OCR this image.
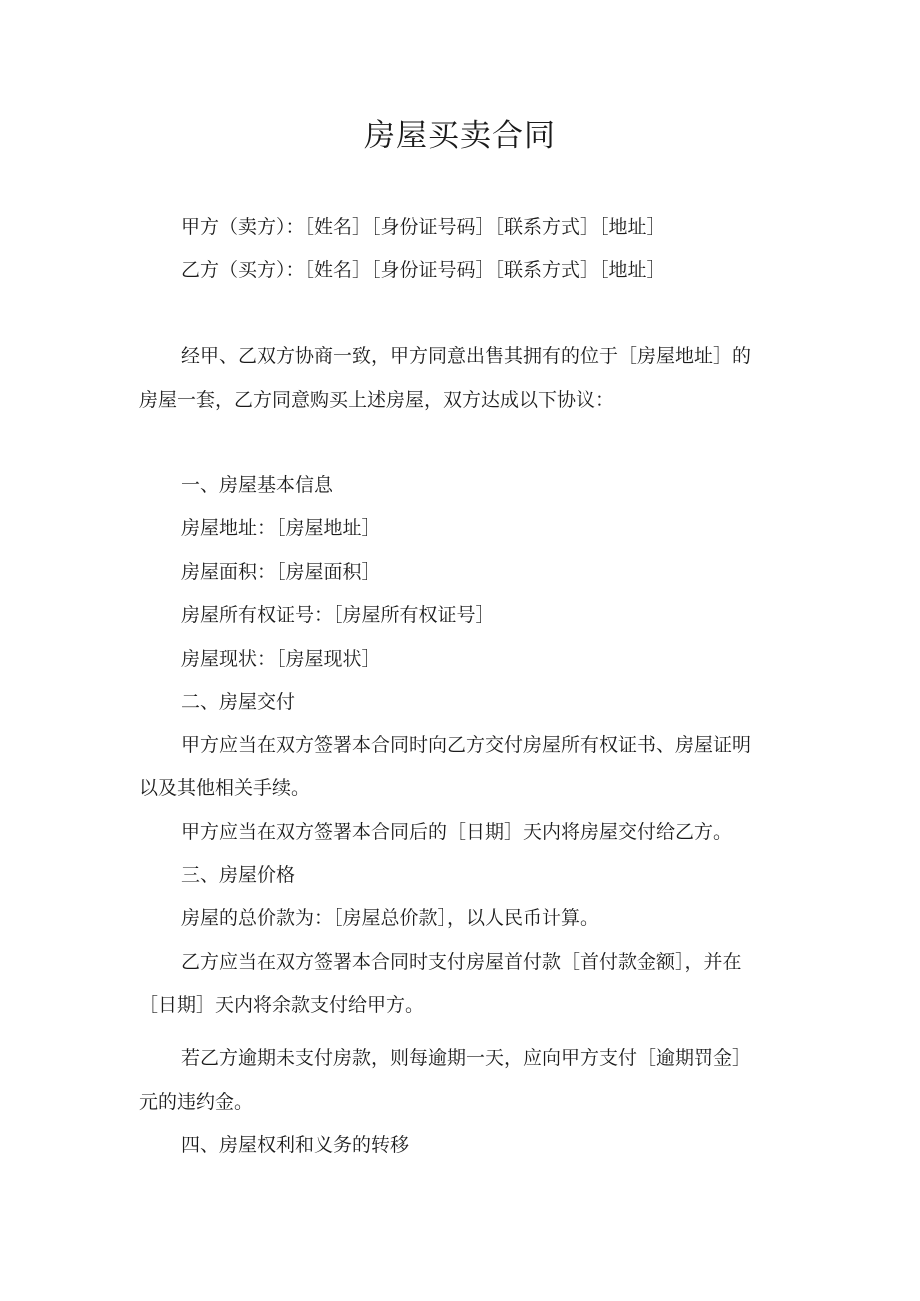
房屋买卖合同
甲方（卖方）：［姓名］［身份证号码］［联系方式］［地址］
乙方（买方）：［姓名］［身份证号码］［联系方式］［地址］
经甲、乙双方协商一致，甲方同意出售其拥有的位于［房屋地址］的
房屋一套，乙方同意购买上述房屋，双方达成以下协议：
一、房屋基本信息
房屋地址：［房屋地址］
房屋面积：［房屋面积］
房屋所有权证号：［房屋所有权证号］
房屋现状：［房屋现状］
二、房屋交付
甲方应当在双方签署本合同时向乙方交付房屋所有权证书、房屋证明
以及其他相关手续。
甲方应当在双方签署本合同后的［日期］天内将房屋交付给乙方。
三、房屋价格
房屋的总价款为：［房屋总价款］，以人民币计算。
乙方应当在双方签署本合同时支付房屋首付款［首付款金额］，并在
［日期］天内将余款支付给甲方。
若乙方逾期未支付房款，则每逾期一天，应向甲方支付［逾期罚金］
元的违约金。
四、房屋权利和义务的转移
